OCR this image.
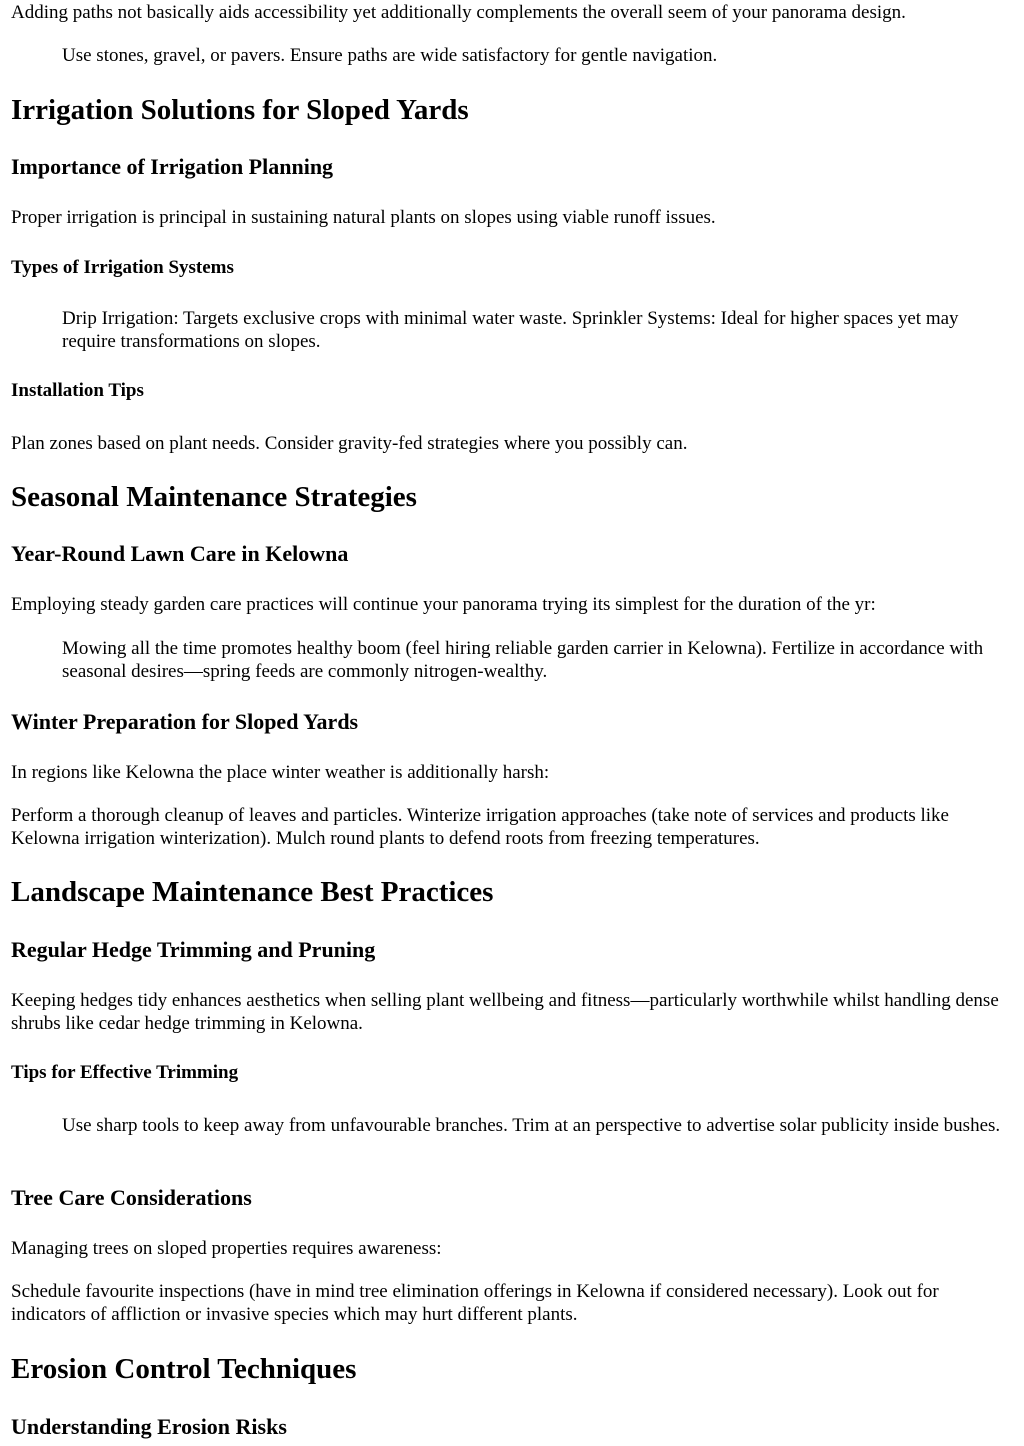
Adding paths not basically aids accessibility yet additionally complements the overall seem of your panorama design.

Use stones, gravel, or pavers. Ensure paths are wide satisfactory for gentle navigation.

Irrigation Solutions for Sloped Yards
Importance of Irrigation Planning

Proper irrigation is principal in sustaining natural plants on slopes using viable runoff issues.

Types of Irrigation Systems

Drip Irrigation: Targets exclusive crops with minimal water waste. Sprinkler Systems: Ideal for higher spaces yet may require transformations on slopes.

Installation Tips

Plan zones based on plant needs. Consider gravity-fed strategies where you possibly can.

Seasonal Maintenance Strategies
Year-Round Lawn Care in Kelowna

Employing steady garden care practices will continue your panorama trying its simplest for the duration of the yr:

Mowing all the time promotes healthy boom (feel hiring reliable garden carrier in Kelowna). Fertilize in accordance with seasonal desires—spring feeds are commonly nitrogen-wealthy.

Winter Preparation for Sloped Yards

In regions like Kelowna the place winter weather is additionally harsh:

Perform a thorough cleanup of leaves and particles. Winterize irrigation approaches (take note of services and products like Kelowna irrigation winterization). Mulch round plants to defend roots from freezing temperatures.

Landscape Maintenance Best Practices
Regular Hedge Trimming and Pruning

Keeping hedges tidy enhances aesthetics when selling plant wellbeing and fitness—particularly worthwhile whilst handling dense shrubs like cedar hedge trimming in Kelowna.

Tips for Effective Trimming

Use sharp tools to keep away from unfavourable branches. Trim at an perspective to advertise solar publicity inside bushes.

Tree Care Considerations

Managing trees on sloped properties requires awareness:

Schedule favourite inspections (have in mind tree elimination offerings in Kelowna if considered necessary). Look out for indicators of affliction or invasive species which may hurt different plants.

Erosion Control Techniques
Understanding Erosion Risks
